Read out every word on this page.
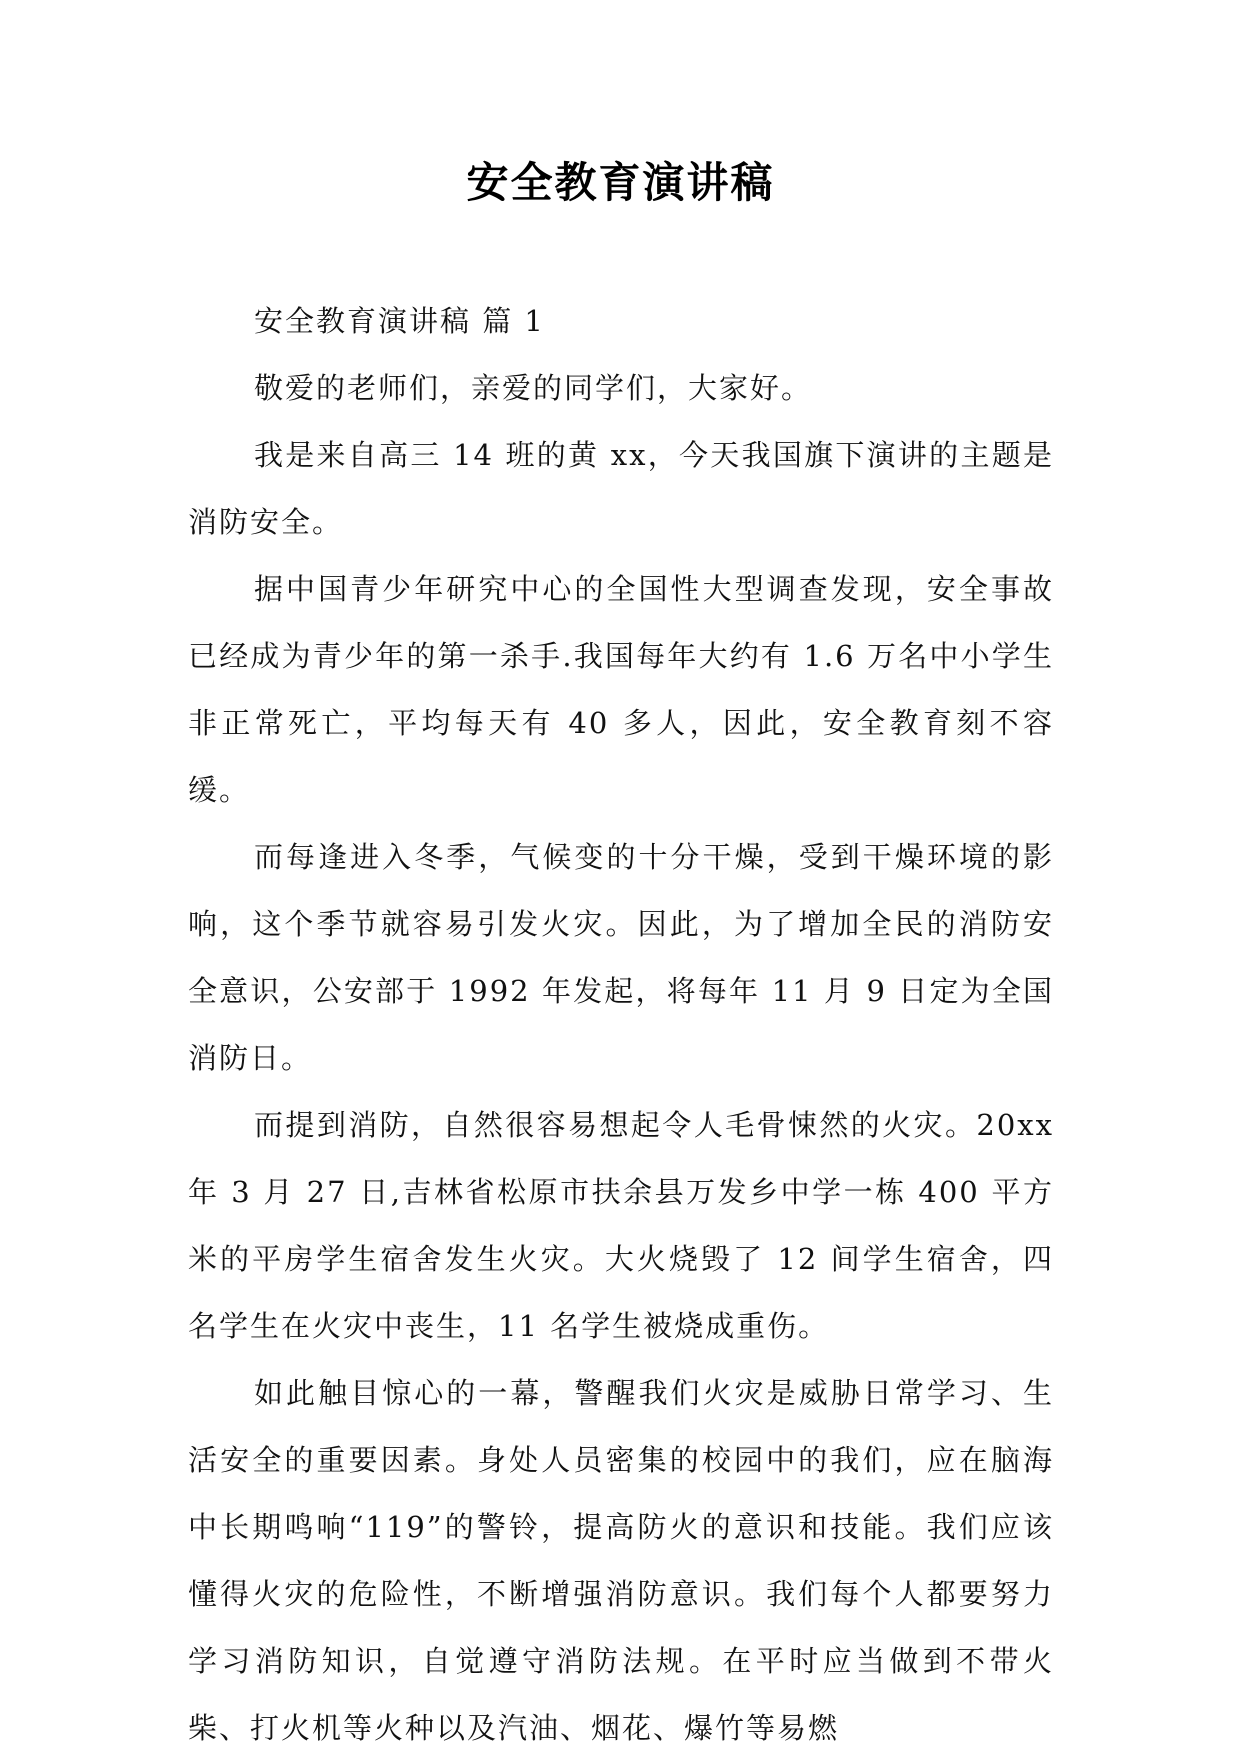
安全教育演讲稿

安全教育演讲稿 篇 1

敬爱的老师们，亲爱的同学们，大家好。

我是来自高三 14 班的黄 xx，今天我国旗下演讲的主题是消防安全。

据中国青少年研究中心的全国性大型调查发现，安全事故已经成为青少年的第一杀手.我国每年大约有 1.6 万名中小学生非正常死亡，平均每天有 40 多人，因此，安全教育刻不容缓。

而每逢进入冬季，气候变的十分干燥，受到干燥环境的影响，这个季节就容易引发火灾。因此，为了增加全民的消防安全意识，公安部于 1992 年发起，将每年 11 月 9 日定为全国消防日。

而提到消防，自然很容易想起令人毛骨悚然的火灾。20xx 年 3 月 27 日,吉林省松原市扶余县万发乡中学一栋 400 平方米的平房学生宿舍发生火灾。大火烧毁了 12 间学生宿舍，四名学生在火灾中丧生，11 名学生被烧成重伤。

如此触目惊心的一幕，警醒我们火灾是威胁日常学习、生活安全的重要因素。身处人员密集的校园中的我们，应在脑海中长期鸣响“119”的警铃，提高防火的意识和技能。我们应该懂得火灾的危险性，不断增强消防意识。我们每个人都要努力学习消防知识，自觉遵守消防法规。在平时应当做到不带火柴、打火机等火种以及汽油、烟花、爆竹等易燃
